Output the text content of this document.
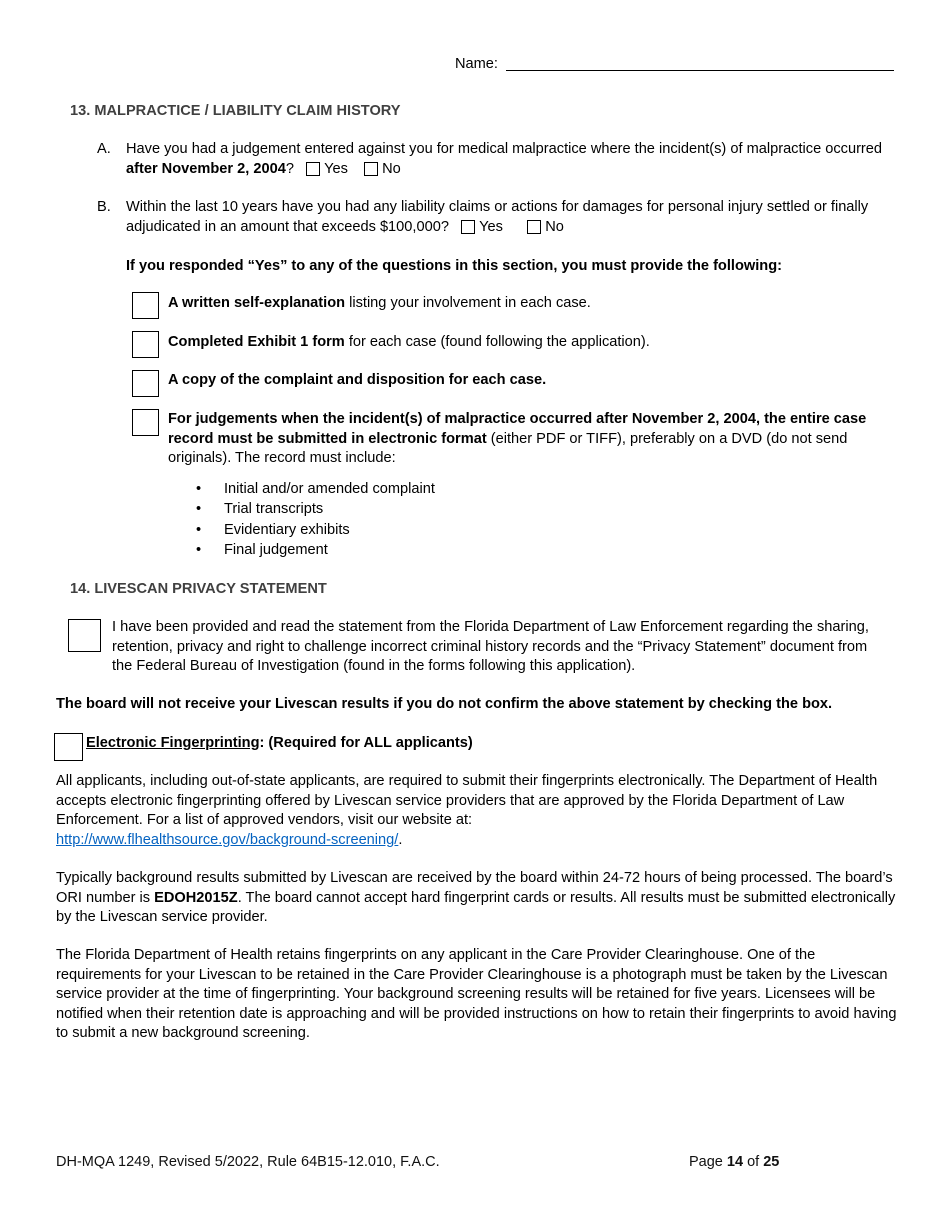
Name:
13. MALPRACTICE / LIABILITY CLAIM HISTORY
A. Have you had a judgement entered against you for medical malpractice where the incident(s) of malpractice occurred after November 2, 2004? Yes No
B. Within the last 10 years have you had any liability claims or actions for damages for personal injury settled or finally adjudicated in an amount that exceeds $100,000? Yes	No
If you responded “Yes” to any of the questions in this section, you must provide the following:
A written self-explanation listing your involvement in each case.
Completed Exhibit 1 form for each case (found following the application).
A copy of the complaint and disposition for each case.
For judgements when the incident(s) of malpractice occurred after November 2, 2004, the entire case record must be submitted in electronic format (either PDF or TIFF), preferably on a DVD (do not send originals). The record must include:
• Initial and/or amended complaint
• Trial transcripts
• Evidentiary exhibits
• Final judgement
14. LIVESCAN PRIVACY STATEMENT
I have been provided and read the statement from the Florida Department of Law Enforcement regarding the sharing, retention, privacy and right to challenge incorrect criminal history records and the “Privacy Statement” document from the Federal Bureau of Investigation (found in the forms following this application).
The board will not receive your Livescan results if you do not confirm the above statement by checking the box.
Electronic Fingerprinting: (Required for ALL applicants)
All applicants, including out-of-state applicants, are required to submit their fingerprints electronically. The Department of Health accepts electronic fingerprinting offered by Livescan service providers that are approved by the Florida Department of Law Enforcement. For a list of approved vendors, visit our website at:
http://www.flhealthsource.gov/background-screening/.
Typically background results submitted by Livescan are received by the board within 24-72 hours of being processed. The board’s ORI number is EDOH2015Z. The board cannot accept hard fingerprint cards or results. All results must be submitted electronically by the Livescan service provider.
The Florida Department of Health retains fingerprints on any applicant in the Care Provider Clearinghouse. One of the requirements for your Livescan to be retained in the Care Provider Clearinghouse is a photograph must be taken by the Livescan service provider at the time of fingerprinting. Your background screening results will be retained for five years. Licensees will be notified when their retention date is approaching and will be provided instructions on how to retain their fingerprints to avoid having to submit a new background screening.
DH-MQA 1249, Revised 5/2022, Rule 64B15-12.010, F.A.C.	Page 14 of 25
